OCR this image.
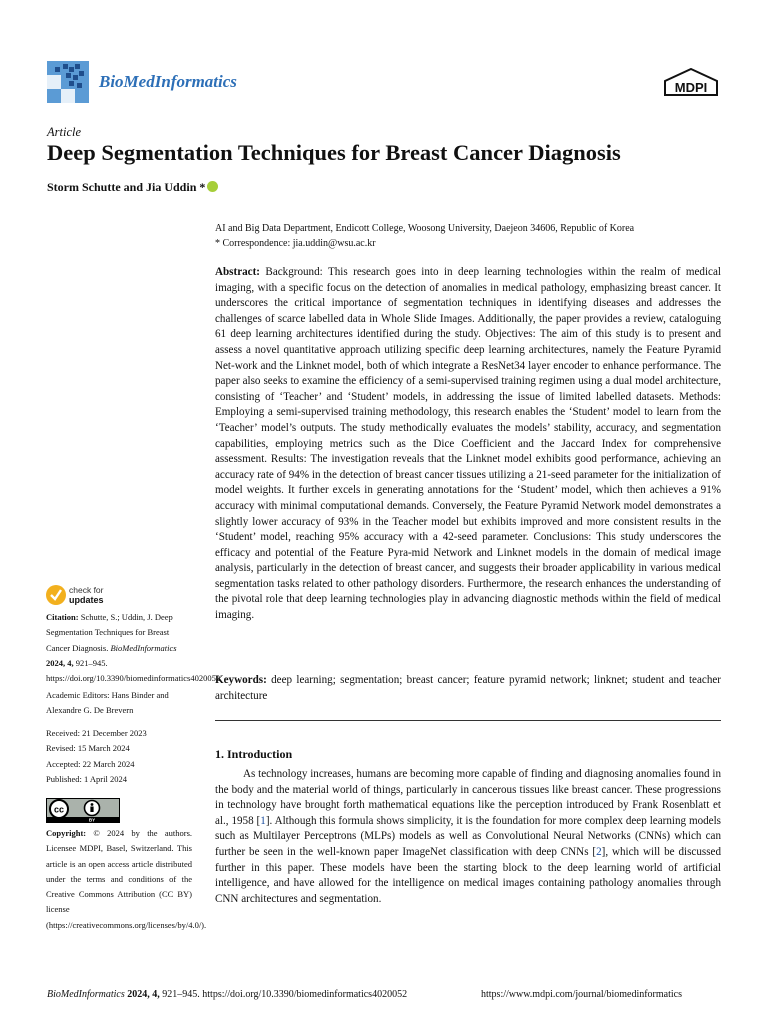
BioMedInformatics	MDPI
Article
Deep Segmentation Techniques for Breast Cancer Diagnosis
Storm Schutte and Jia Uddin *
AI and Big Data Department, Endicott College, Woosong University, Daejeon 34606, Republic of Korea
* Correspondence: jia.uddin@wsu.ac.kr

Abstract: Background: This research goes into in deep learning technologies within the realm of medical imaging, with a specific focus on the detection of anomalies in medical pathology, emphasizing breast cancer. It underscores the critical importance of segmentation techniques in identifying diseases and addresses the challenges of scarce labelled data in Whole Slide Images. Additionally, the paper provides a review, cataloguing 61 deep learning architectures identified during the study. Objectives: The aim of this study is to present and assess a novel quantitative approach utilizing specific deep learning architectures, namely the Feature Pyramid Net-work and the Linknet model, both of which integrate a ResNet34 layer encoder to enhance performance. The paper also seeks to examine the efficiency of a semi-supervised training regimen using a dual model architecture, consisting of ‘Teacher’ and ‘Student’ models, in addressing the issue of limited labelled datasets. Methods: Employing a semi-supervised training methodology, this research enables the ‘Student’ model to learn from the ‘Teacher’ model’s outputs. The study methodically evaluates the models’ stability, accuracy, and segmentation capabilities, employing metrics such as the Dice Coefficient and the Jaccard Index for comprehensive assessment. Results: The investigation reveals that the Linknet model exhibits good performance, achieving an accuracy rate of 94% in the detection of breast cancer tissues utilizing a 21-seed parameter for the initialization of model weights. It further excels in generating annotations for the ‘Student’ model, which then achieves a 91% accuracy with minimal computational demands. Conversely, the Feature Pyramid Network model demonstrates a slightly lower accuracy of 93% in the Teacher model but exhibits improved and more consistent results in the ‘Student’ model, reaching 95% accuracy with a 42-seed parameter. Conclusions: This study underscores the efficacy and potential of the Feature Pyra-mid Network and Linknet models in the domain of medical image analysis, particularly in the detection of breast cancer, and suggests their broader applicability in various medical segmentation tasks related to other pathology disorders. Furthermore, the research enhances the understanding of the pivotal role that deep learning technologies play in advancing diagnostic methods within the field of medical imaging.

Keywords: deep learning; segmentation; breast cancer; feature pyramid network; linknet; student and teacher architecture

1. Introduction

As technology increases, humans are becoming more capable of finding and diagnosing anomalies found in the body and the material world of things, particularly in cancerous tissues like breast cancer. These progressions in technology have brought forth mathematical equations like the perception introduced by Frank Rosenblatt et al., 1958 [1]. Although this formula shows simplicity, it is the foundation for more complex deep learning models such as Multilayer Perceptrons (MLPs) models as well as Convolutional Neural Networks (CNNs) which can further be seen in the well-known paper ImageNet classification with deep CNNs [2], which will be discussed further in this paper. These models have been the starting block to the deep learning world of artificial intelligence, and have allowed for the intelligence on medical images containing pathology anomalies through CNN architectures and segmentation.

check for
updates
Citation: Schutte, S.; Uddin, J. Deep Segmentation Techniques for Breast Cancer Diagnosis. BioMedInformatics 2024, 4, 921–945. https://doi.org/10.3390/biomedinformatics4020052
Academic Editors: Hans Binder and Alexandre G. De Brevern
Received: 21 December 2023
Revised: 15 March 2024
Accepted: 22 March 2024
Published: 1 April 2024
cc
BY
Copyright: © 2024 by the authors. Licensee MDPI, Basel, Switzerland. This article is an open access article distributed under the terms and conditions of the Creative Commons Attribution (CC BY) license (https://creativecommons.org/licenses/by/4.0/).
BioMedInformatics 2024, 4, 921–945. https://doi.org/10.3390/biomedinformatics4020052	https://www.mdpi.com/journal/biomedinformatics
